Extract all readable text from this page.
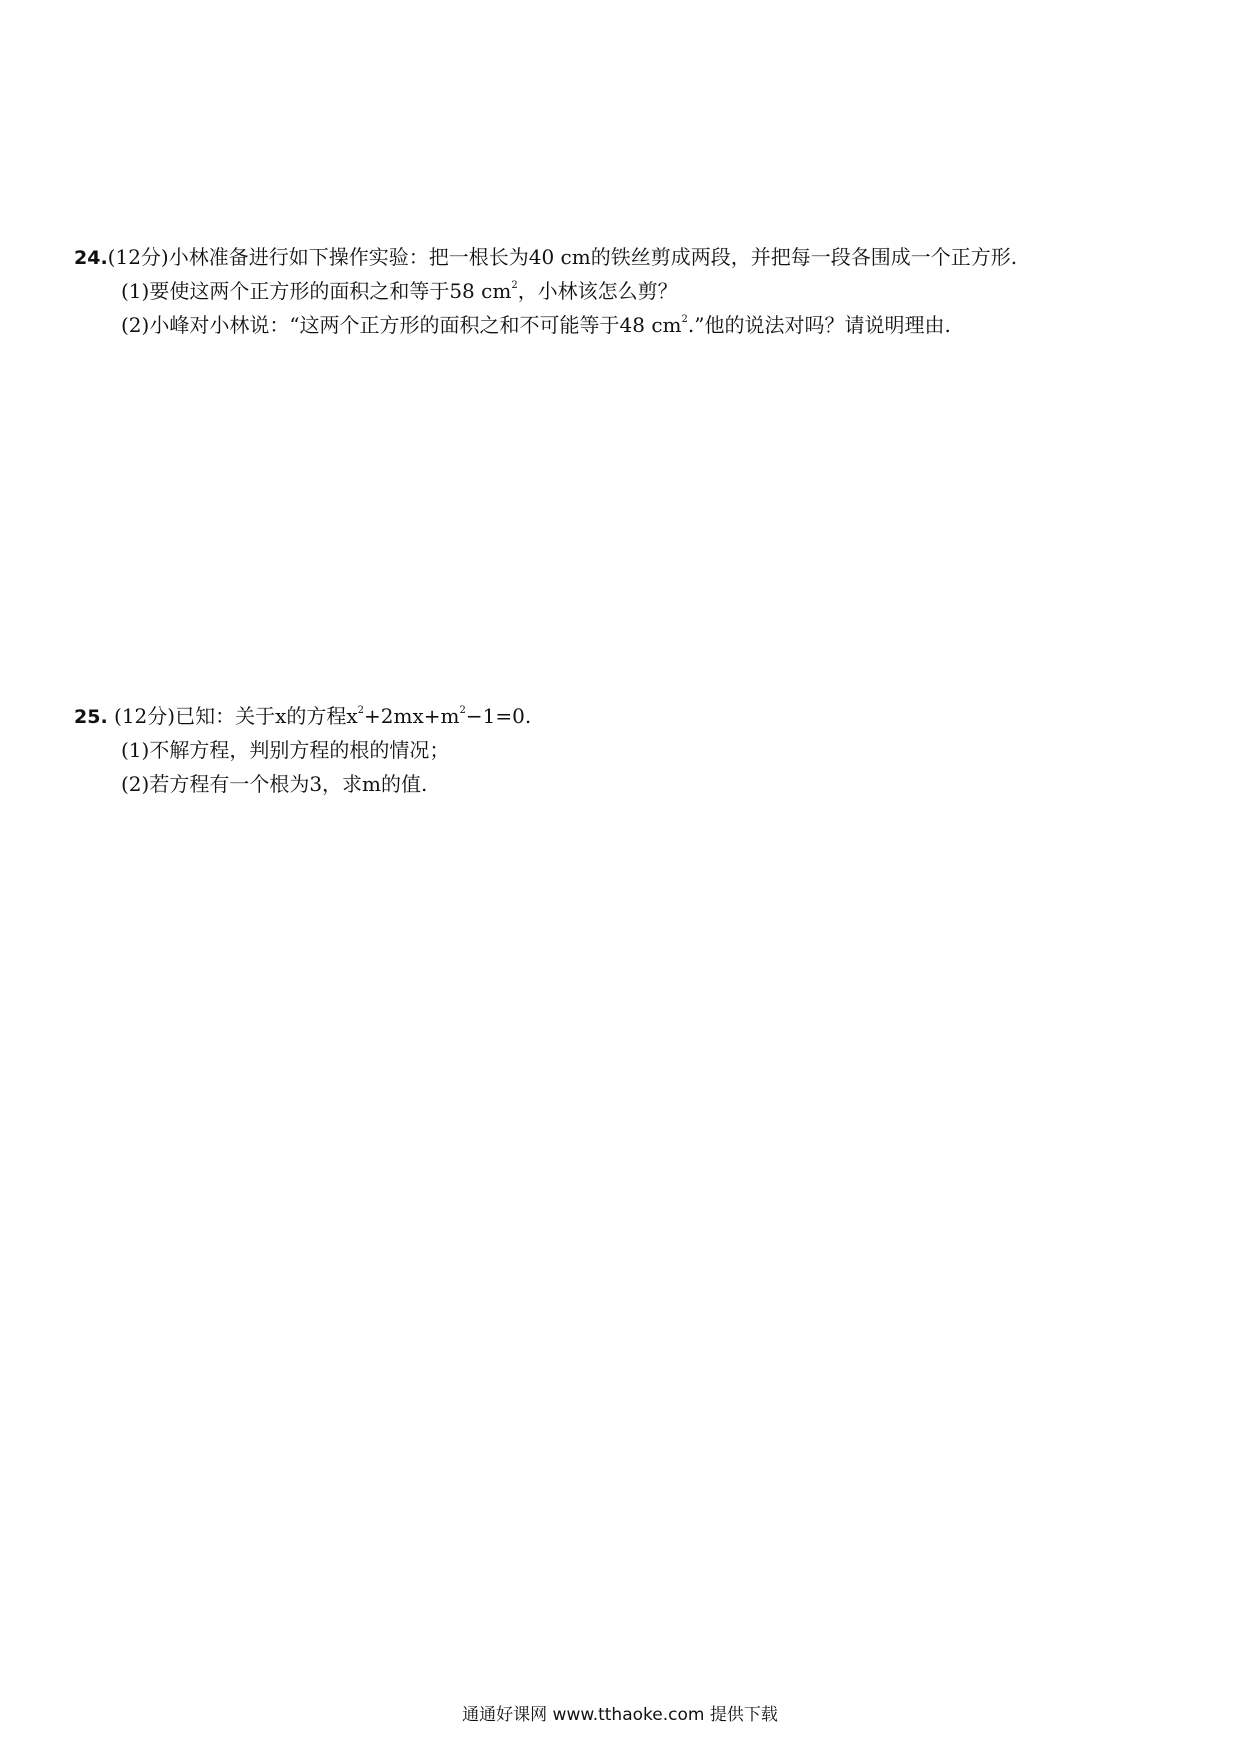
24.(12分)小林准备进行如下操作实验：把一根长为40 cm的铁丝剪成两段，并把每一段各围成一个正方形.
(1)要使这两个正方形的面积之和等于58 $cm^2$，小林该怎么剪？
(2)小峰对小林说：“这两个正方形的面积之和不可能等于48 $cm^2$.”他的说法对吗？请说明理由.
25. (12分)已知：关于x的方程$x^2+2mx+m^2-1=0$.
(1)不解方程，判别方程的根的情况；
(2)若方程有一个根为3，求m的值.
通通好课网 www.tthaoke.com 提供下载
